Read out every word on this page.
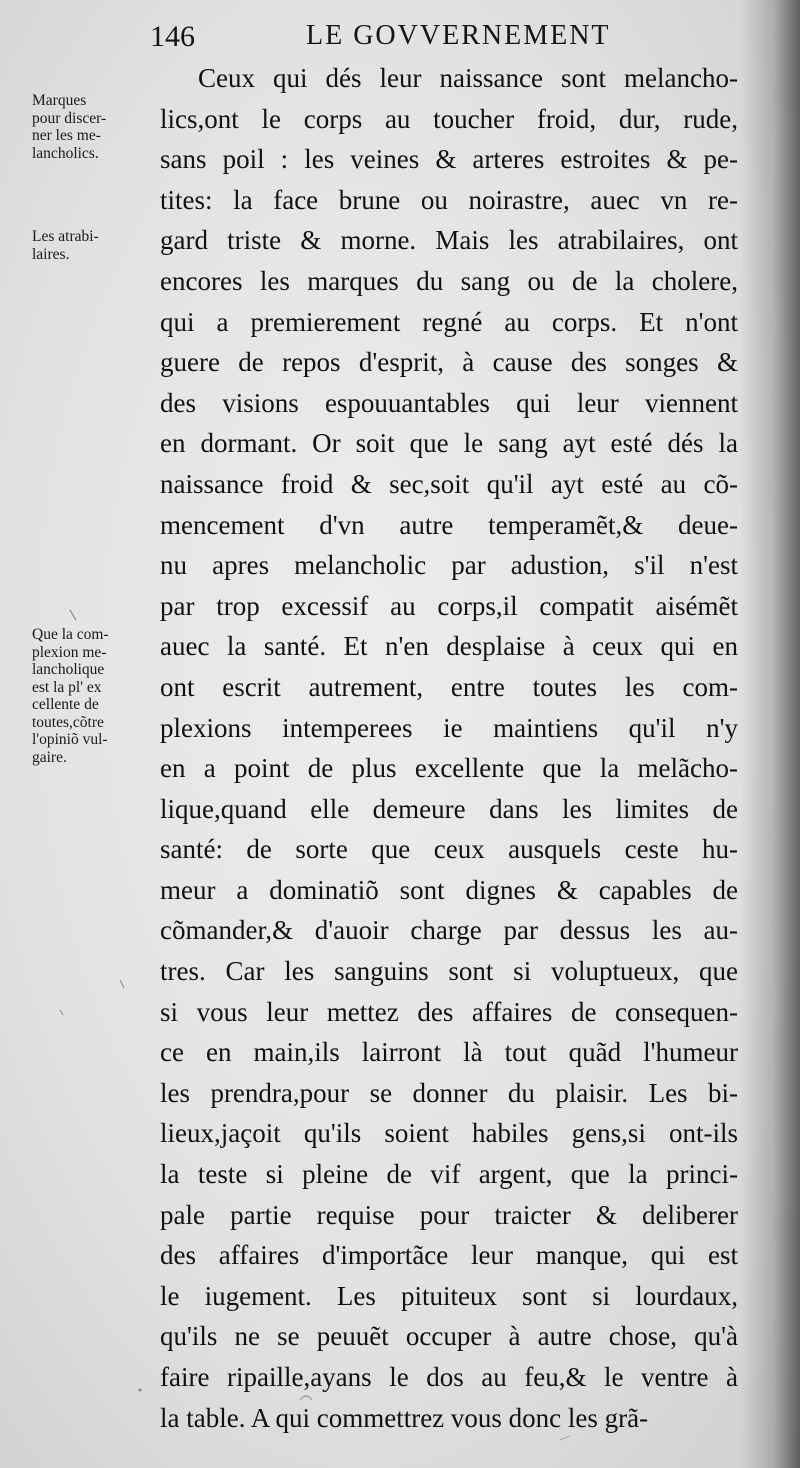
146	LE GOVVERNEMENT
Marques
pour discer-
ner les me-
lancholics.
Les atrabi-
laires.
Que la com-
plexion me-
lancholique
est la pl' ex
cellente de
toutes,cõtre
l'opiniõ vul-
gaire.
Ceux qui dés leur naissance sont melancho-
lics,ont le corps au toucher froid, dur, rude,
sans poil : les veines & arteres estroites & pe-
tites: la face brune ou noirastre, auec vn re-
gard triste & morne. Mais les atrabilaires, ont
encores les marques du sang ou de la cholere,
qui a premierement regné au corps. Et n'ont
guere de repos d'esprit, à cause des songes &
des visions espouuantables qui leur viennent
en dormant. Or soit que le sang ayt esté dés la
naissance froid & sec,soit qu'il ayt esté au cõ-
mencement d'vn autre temperamẽt,& deue-
nu apres melancholic par adustion, s'il n'est
par trop excessif au corps,il compatit aisémẽt
auec la santé. Et n'en desplaise à ceux qui en
ont escrit autrement, entre toutes les com-
plexions intemperees ie maintiens qu'il n'y
en a point de plus excellente que la melãcho-
lique,quand elle demeure dans les limites de
santé: de sorte que ceux ausquels ceste hu-
meur a dominatiõ sont dignes & capables de
cõmander,& d'auoir charge par dessus les au-
tres. Car les sanguins sont si voluptueux, que
si vous leur mettez des affaires de consequen-
ce en main,ils lairront là tout quãd l'humeur
les prendra,pour se donner du plaisir. Les bi-
lieux,jaçoit qu'ils soient habiles gens,si ont-ils
la teste si pleine de vif argent, que la princi-
pale partie requise pour traicter & deliberer
des affaires d'importãce leur manque, qui est
le iugement. Les pituiteux sont si lourdaux,
qu'ils ne se peuuẽt occuper à autre chose, qu'à
faire ripaille,ayans le dos au feu,& le ventre à
la table. A qui commettrez vous donc les grã-
